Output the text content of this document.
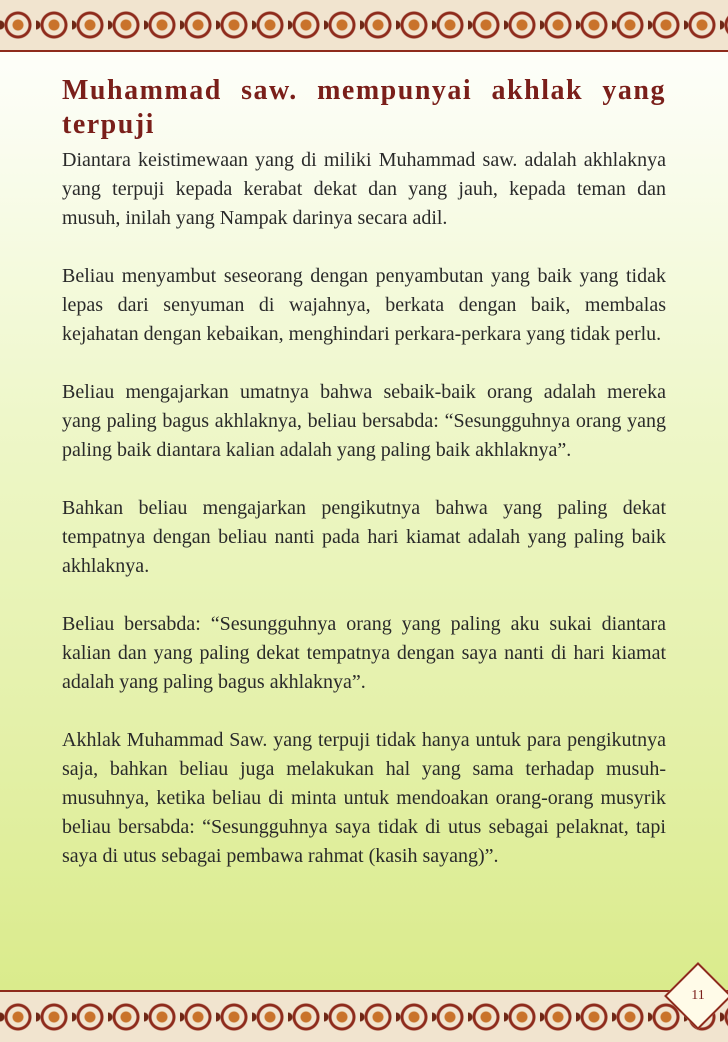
Muhammad saw. mempunyai akhlak yang terpuji

Diantara keistimewaan yang di miliki Muhammad saw. adalah akhlaknya yang terpuji kepada kerabat dekat dan yang jauh, kepada teman dan musuh, inilah yang Nampak darinya secara adil.

Beliau menyambut seseorang dengan penyambutan yang baik yang tidak lepas dari senyuman di wajahnya, berkata dengan baik, membalas kejahatan dengan kebaikan, menghindari perkara-perkara yang tidak perlu.

Beliau mengajarkan umatnya bahwa sebaik-baik orang adalah mereka yang paling bagus akhlaknya, beliau bersabda: “Sesungguhnya orang yang paling baik diantara kalian adalah yang paling baik akhlaknya”.

Bahkan beliau mengajarkan pengikutnya bahwa yang paling dekat tempatnya dengan beliau nanti pada hari kiamat adalah yang paling baik akhlaknya.

Beliau bersabda: “Sesungguhnya orang yang paling aku sukai diantara kalian dan yang paling dekat tempatnya dengan saya nanti di hari kiamat adalah yang paling bagus akhlaknya”.

Akhlak Muhammad Saw. yang terpuji tidak hanya untuk para pengikutnya saja, bahkan beliau juga melakukan hal yang sama terhadap musuh-musuhnya, ketika beliau di minta untuk mendoakan orang-orang musyrik beliau bersabda: “Sesungguhnya saya tidak di utus sebagai pelaknat, tapi saya di utus sebagai pembawa rahmat (kasih sayang)”.

11
